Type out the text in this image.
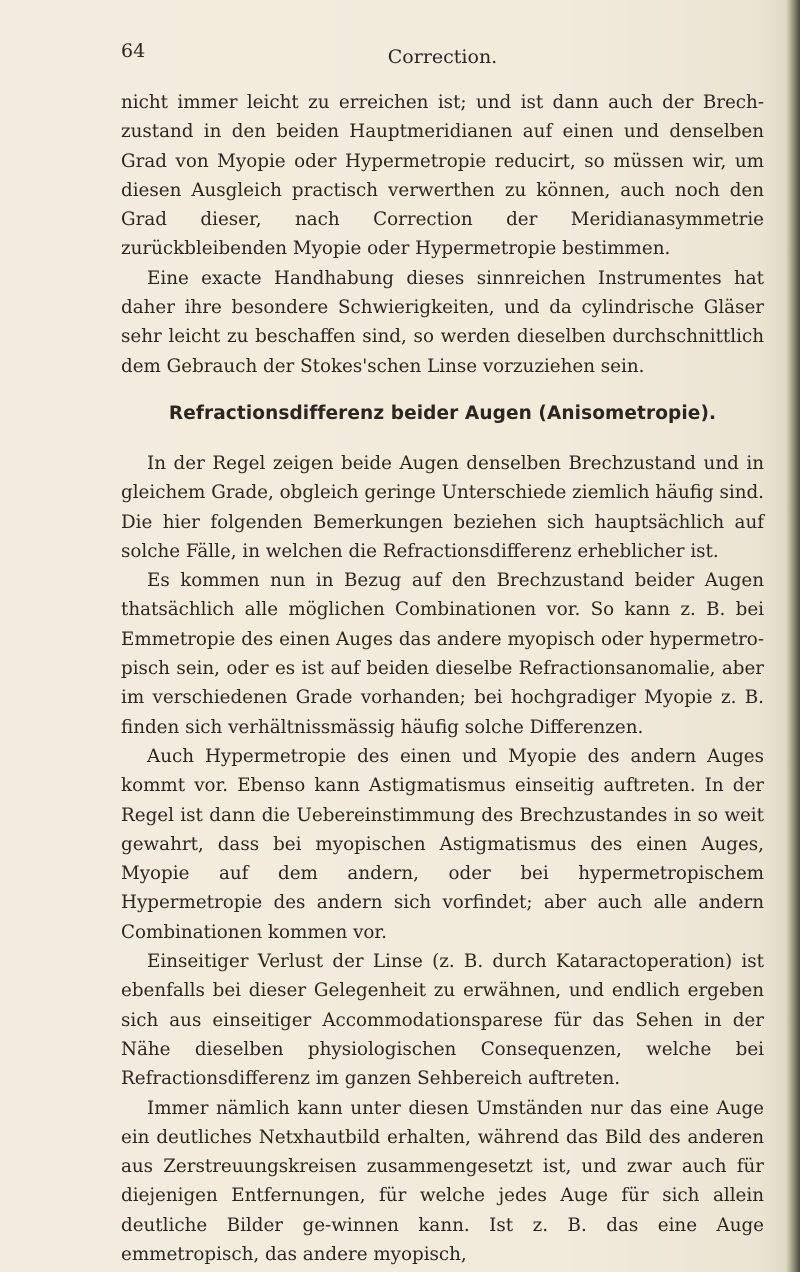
64	Correction.

nicht immer leicht zu erreichen ist; und ist dann auch der Brech-zustand in den beiden Hauptmeridianen auf einen und denselben Grad von Myopie oder Hypermetropie reducirt, so müssen wir, um diesen Ausgleich practisch verwerthen zu können, auch noch den Grad dieser, nach Correction der Meridianasymmetrie zurückbleibenden Myopie oder Hypermetropie bestimmen.

Eine exacte Handhabung dieses sinnreichen Instrumentes hat daher ihre besondere Schwierigkeiten, und da cylindrische Gläser sehr leicht zu beschaffen sind, so werden dieselben durchschnittlich dem Gebrauch der Stokes'schen Linse vorzuziehen sein.

Refractionsdifferenz beider Augen (Anisometropie).

In der Regel zeigen beide Augen denselben Brechzustand und in gleichem Grade, obgleich geringe Unterschiede ziemlich häufig sind. Die hier folgenden Bemerkungen beziehen sich hauptsächlich auf solche Fälle, in welchen die Refractionsdifferenz erheblicher ist.

Es kommen nun in Bezug auf den Brechzustand beider Augen thatsächlich alle möglichen Combinationen vor. So kann z. B. bei Emmetropie des einen Auges das andere myopisch oder hypermetro-pisch sein, oder es ist auf beiden dieselbe Refractionsanomalie, aber im verschiedenen Grade vorhanden; bei hochgradiger Myopie z. B. finden sich verhältnissmässig häufig solche Differenzen.

Auch Hypermetropie des einen und Myopie des andern Auges kommt vor. Ebenso kann Astigmatismus einseitig auftreten. In der Regel ist dann die Uebereinstimmung des Brechzustandes in so weit gewahrt, dass bei myopischen Astigmatismus des einen Auges, Myopie auf dem andern, oder bei hypermetropischem Hypermetropie des andern sich vorfindet; aber auch alle andern Combinationen kommen vor.

Einseitiger Verlust der Linse (z. B. durch Kataractoperation) ist ebenfalls bei dieser Gelegenheit zu erwähnen, und endlich ergeben sich aus einseitiger Accommodationsparese für das Sehen in der Nähe dieselben physiologischen Consequenzen, welche bei Refractionsdifferenz im ganzen Sehbereich auftreten.

Immer nämlich kann unter diesen Umständen nur das eine Auge ein deutliches Netxhautbild erhalten, während das Bild des anderen aus Zerstreuungskreisen zusammengesetzt ist, und zwar auch für diejenigen Entfernungen, für welche jedes Auge für sich allein deutliche Bilder ge-winnen kann. Ist z. B. das eine Auge emmetropisch, das andere myopisch,
